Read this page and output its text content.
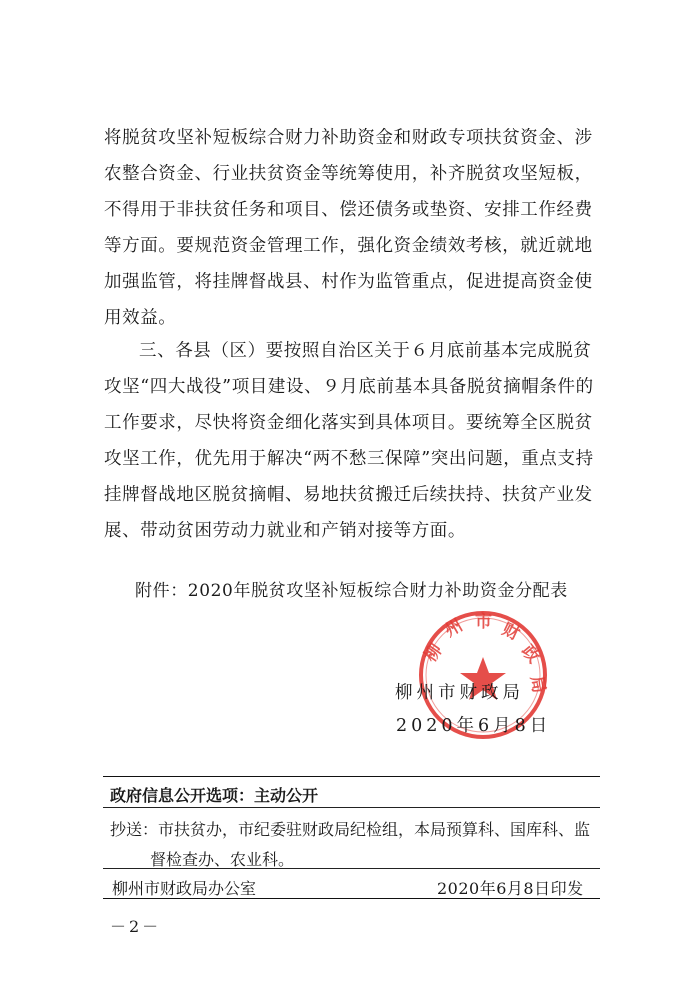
将脱贫攻坚补短板综合财力补助资金和财政专项扶贫资金、涉农整合资金、行业扶贫资金等统筹使用，补齐脱贫攻坚短板，不得用于非扶贫任务和项目、偿还债务或垫资、安排工作经费等方面。要规范资金管理工作，强化资金绩效考核，就近就地加强监管，将挂牌督战县、村作为监管重点，促进提高资金使用效益。
三、各县（区）要按照自治区关于６月底前基本完成脱贫攻坚“四大战役”项目建设、９月底前基本具备脱贫摘帽条件的工作要求，尽快将资金细化落实到具体项目。要统筹全区脱贫攻坚工作，优先用于解决“两不愁三保障”突出问题，重点支持挂牌督战地区脱贫摘帽、易地扶贫搬迁后续扶持、扶贫产业发展、带动贫困劳动力就业和产销对接等方面。
附件：2020年脱贫攻坚补短板综合财力补助资金分配表
柳
州 市 财
政
局
柳州市财政局
2020年6月8日
政府信息公开选项：主动公开
抄送：市扶贫办，市纪委驻财政局纪检组，本局预算科、国库科、监
督检查办、农业科。
柳州市财政局办公室	2020年6月8日印发
－2－
